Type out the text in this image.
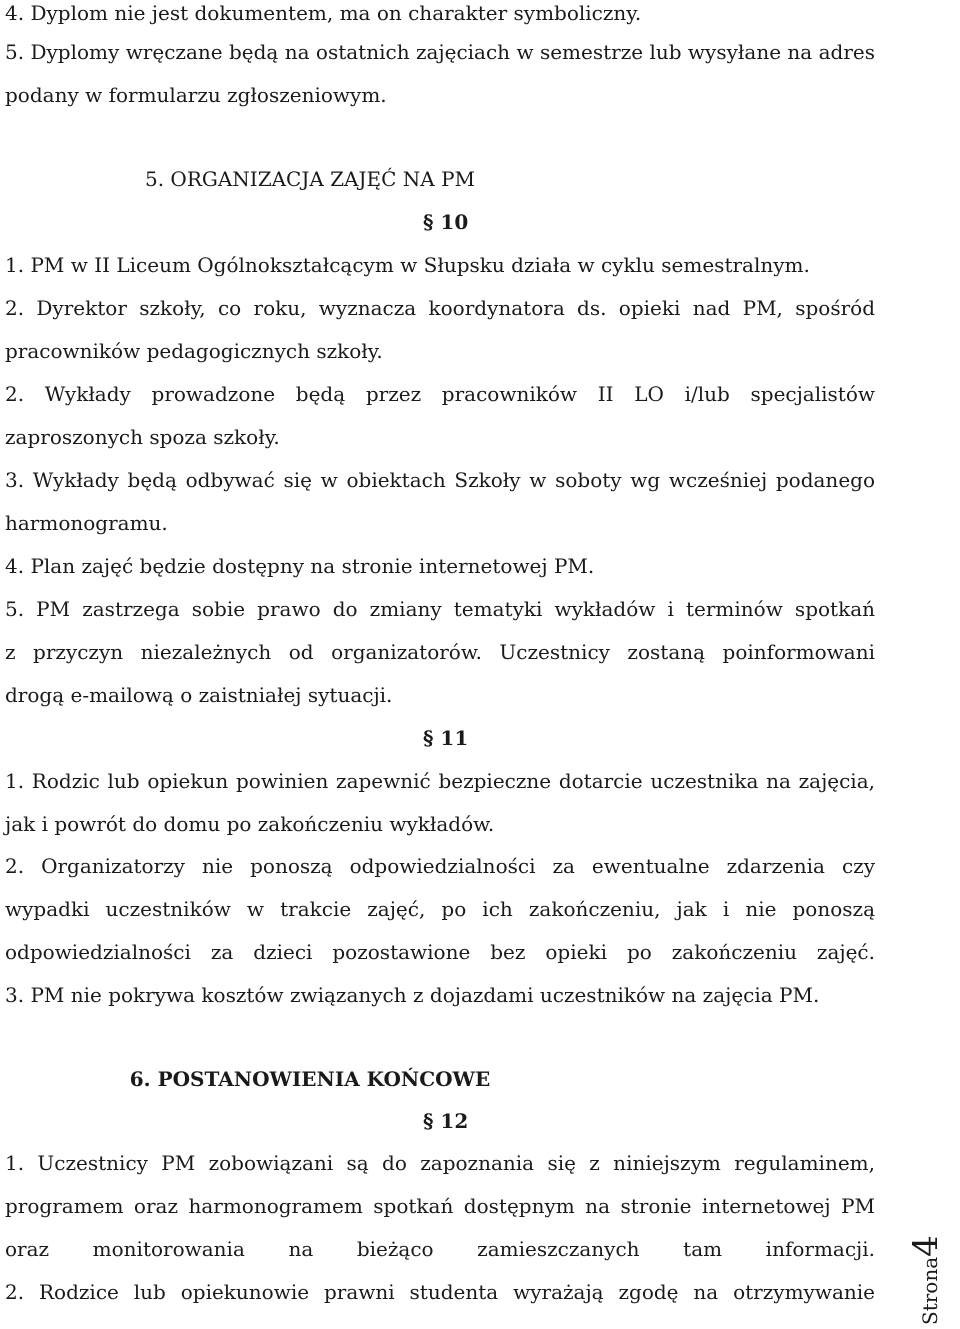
4. Dyplom nie jest dokumentem, ma on charakter symboliczny.
5. Dyplomy wręczane będą na ostatnich zajęciach w semestrze lub wysyłane na adres
podany w formularzu zgłoszeniowym.
5. ORGANIZACJA ZAJĘĆ NA PM
§ 10
1. PM w II Liceum Ogólnokształcącym w Słupsku działa w cyklu semestralnym.
2. Dyrektor szkoły, co roku, wyznacza koordynatora ds. opieki nad PM, spośród
pracowników pedagogicznych szkoły.
2. Wykłady prowadzone będą przez pracowników II LO i/lub specjalistów
zaproszonych spoza szkoły.
3. Wykłady będą odbywać się w obiektach Szkoły w soboty wg wcześniej podanego
harmonogramu.
4. Plan zajęć będzie dostępny na stronie internetowej PM.
5. PM zastrzega sobie prawo do zmiany tematyki wykładów i terminów spotkań
z przyczyn niezależnych od organizatorów. Uczestnicy zostaną poinformowani
drogą e-mailową o zaistniałej sytuacji.
§ 11
1. Rodzic lub opiekun powinien zapewnić bezpieczne dotarcie uczestnika na zajęcia,
jak i powrót do domu po zakończeniu wykładów.
2. Organizatorzy nie ponoszą odpowiedzialności za ewentualne zdarzenia czy
wypadki uczestników w trakcie zajęć, po ich zakończeniu, jak i nie ponoszą
odpowiedzialności za dzieci pozostawione bez opieki po zakończeniu zajęć.
3. PM nie pokrywa kosztów związanych z dojazdami uczestników na zajęcia PM.
6. POSTANOWIENIA KOŃCOWE
§ 12
1. Uczestnicy PM zobowiązani są do zapoznania się z niniejszym regulaminem,
programem oraz harmonogramem spotkań dostępnym na stronie internetowej PM
oraz monitorowania na bieżąco zamieszczanych tam informacji.
2. Rodzice lub opiekunowie prawni studenta wyrażają zgodę na otrzymywanie	Strona4
